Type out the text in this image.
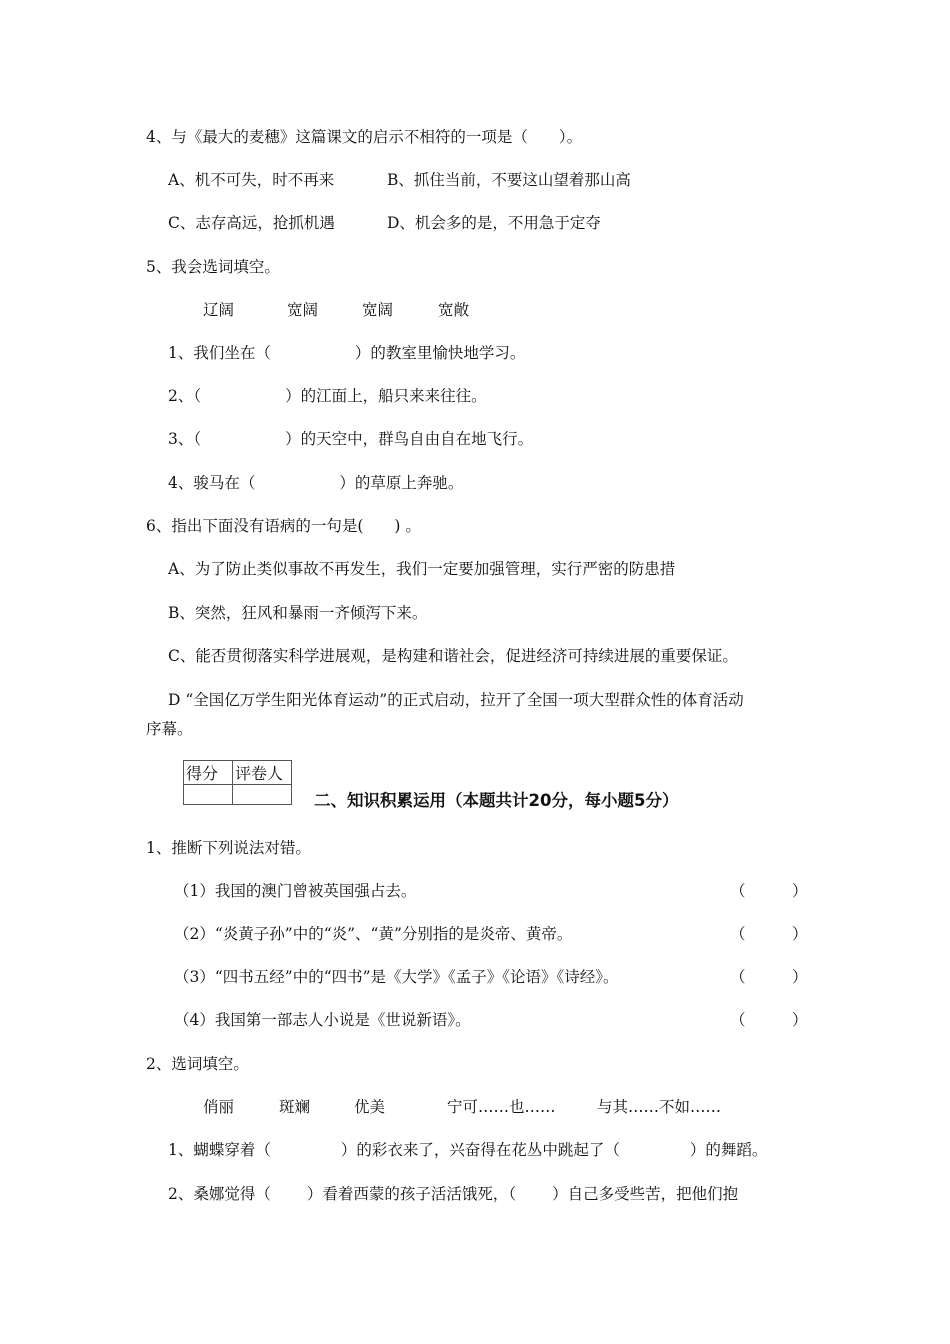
4、与《最大的麦穗》这篇课文的启示不相符的一项是（　　）。
A、机不可失，时不再来	B、抓住当前，不要这山望着那山高
C、志存高远，抢抓机遇	D、机会多的是，不用急于定夺
5、我会选词填空。
辽阔	宽阔	宽阔	宽敞
1、我们坐在（	）的教室里愉快地学习。
2、（	）的江面上，船只来来往往。
3、（	）的天空中，群鸟自由自在地飞行。
4、骏马在（	）的草原上奔驰。
6、指出下面没有语病的一句是(　　) 。
A、为了防止类似事故不再发生，我们一定要加强管理，实行严密的防患措
B、突然，狂风和暴雨一齐倾泻下来。
C、能否贯彻落实科学进展观，是构建和谐社会，促进经济可持续进展的重要保证。
D “全国亿万学生阳光体育运动”的正式启动，拉开了全国一项大型群众性的体育活动
序幕。
得分	评卷人

二、知识积累运用（本题共计20分，每小题5分）
1、推断下列说法对错。
（1）我国的澳门曾被英国强占去。	（　　　）
（2）“炎黄子孙”中的“炎”、“黄”分别指的是炎帝、黄帝。	（　　　）
（3）“四书五经”中的“四书”是《大学》《孟子》《论语》《诗经》。	（　　　）
（4）我国第一部志人小说是《世说新语》。	（　　　）
2、选词填空。
俏丽	斑斓	优美	宁可……也……	与其……不如……
1、蝴蝶穿着（	）的彩衣来了，兴奋得在花丛中跳起了（	）的舞蹈。
2、桑娜觉得（ ）看着西蒙的孩子活活饿死，（ ）自己多受些苦，把他们抱
